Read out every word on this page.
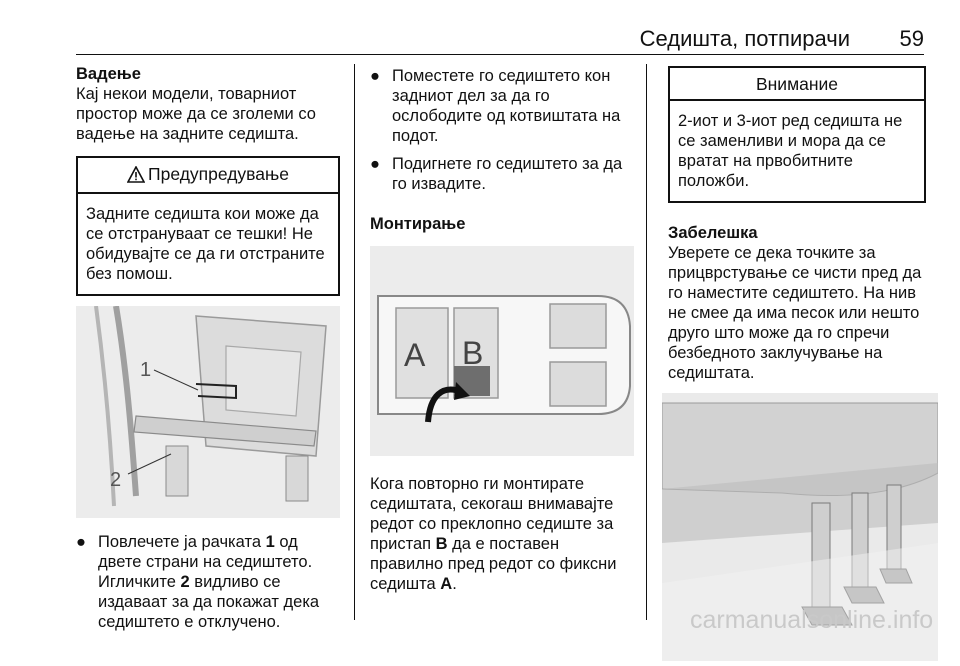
Седишта, потпирачи 59
Вадење

Кај некои модели, товарниот простор може да се зголеми со вадење на задните седишта.

Предупредување
Задните седишта кои може да се отстрануваат се тешки! Не обидувајте се да ги отстраните без помош.
1
2
● Повлечете ја рачката 1 од двете страни на седиштето. Игличките 2 видливо се издаваат за да покажат дека седиштето е отклучено.
● Поместете го седиштето кон задниот дел за да го ослободите од котвиштата на подот.
● Подигнете го седиштето за да го извадите.
Монтирање
A B

Кога повторно ги монтирате седиштата, секогаш внимавајте редот со преклопно седиште за пристап B да е поставен правилно пред редот со фиксни седишта A.

Внимание
2-иот и 3-иот ред седишта не се заменливи и мора да се вратат на првобитните положби.
Забелешка

Уверете се дека точките за прицврстување се чисти пред да го наместите седиштето. На нив не смее да има песок или нешто друго што може да го спречи безбедното заклучување на седиштата.

carmanualsonline.info
